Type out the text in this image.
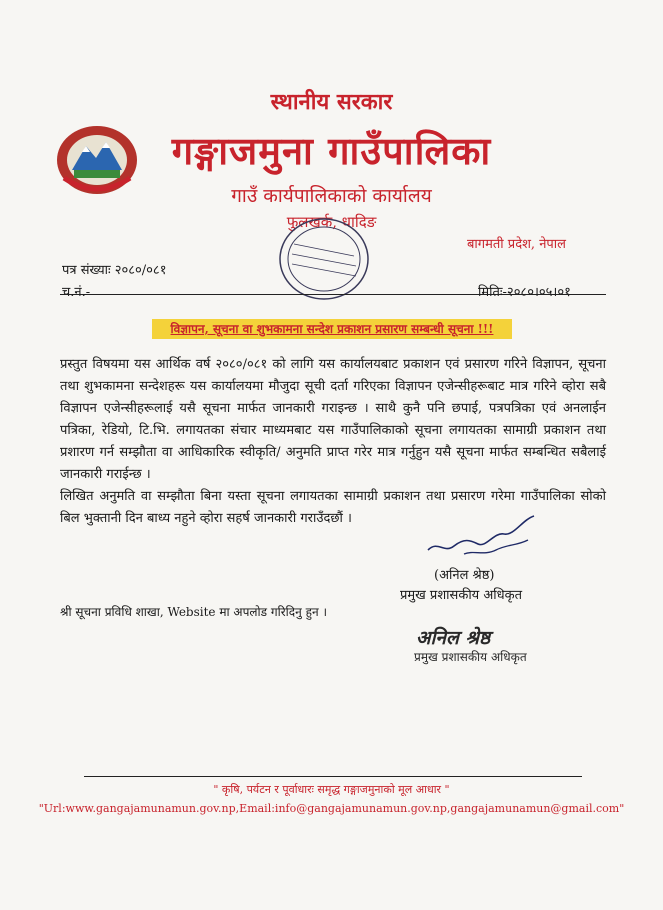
स्थानीय सरकार
गङ्गाजमुना गाउँपालिका
गाउँ कार्यपालिकाको कार्यालय
फुलखर्क, धादिङ
बागमती प्रदेश, नेपाल
पत्र संख्याः २०८०/०८१
च.नं.-	मितिः-२०८०।०५।०१
विज्ञापन, सूचना वा शुभकामना सन्देश प्रकाशन प्रसारण सम्बन्धी सूचना !!!

प्रस्तुत विषयमा यस आर्थिक वर्ष २०८०/०८१ को लागि यस कार्यालयबाट प्रकाशन एवं प्रसारण गरिने विज्ञापन, सूचना तथा शुभकामना सन्देशहरू यस कार्यालयमा मौजुदा सूची दर्ता गरिएका विज्ञापन एजेन्सीहरूबाट मात्र गरिने व्होरा सबै विज्ञापन एजेन्सीहरूलाई यसै सूचना मार्फत जानकारी गराइन्छ । साथै कुनै पनि छपाई, पत्रपत्रिका एवं अनलाईन पत्रिका, रेडियो, टि.भि. लगायतका संचार माध्यमबाट यस गाउँपालिकाको सूचना लगायतका सामाग्री प्रकाशन तथा प्रशारण गर्न सम्झौता वा आधिकारिक स्वीकृति/ अनुमति प्राप्त गरेर मात्र गर्नुहुन यसै सूचना मार्फत सम्बन्धित सबैलाई जानकारी गराईन्छ ।

लिखित अनुमति वा सम्झौता बिना यस्ता सूचना लगायतका सामाग्री प्रकाशन तथा प्रसारण गरेमा गाउँपालिका सोको बिल भुक्तानी दिन बाध्य नहुने व्होरा सहर्ष जानकारी गराउँदछौं ।

(अनिल श्रेष्ठ)
प्रमुख प्रशासकीय अधिकृत
श्री सूचना प्रविधि शाखा, Website मा अपलोड गरिदिनु हुन ।
अनिल श्रेष्ठ
प्रमुख प्रशासकीय अधिकृत
" कृषि, पर्यटन र पूर्वाधारः समृद्ध गङ्गाजमुनाको मूल आधार "
"Url:www.gangajamunamun.gov.np,Email:info@gangajamunamun.gov.np,gangajamunamun@gmail.com"
